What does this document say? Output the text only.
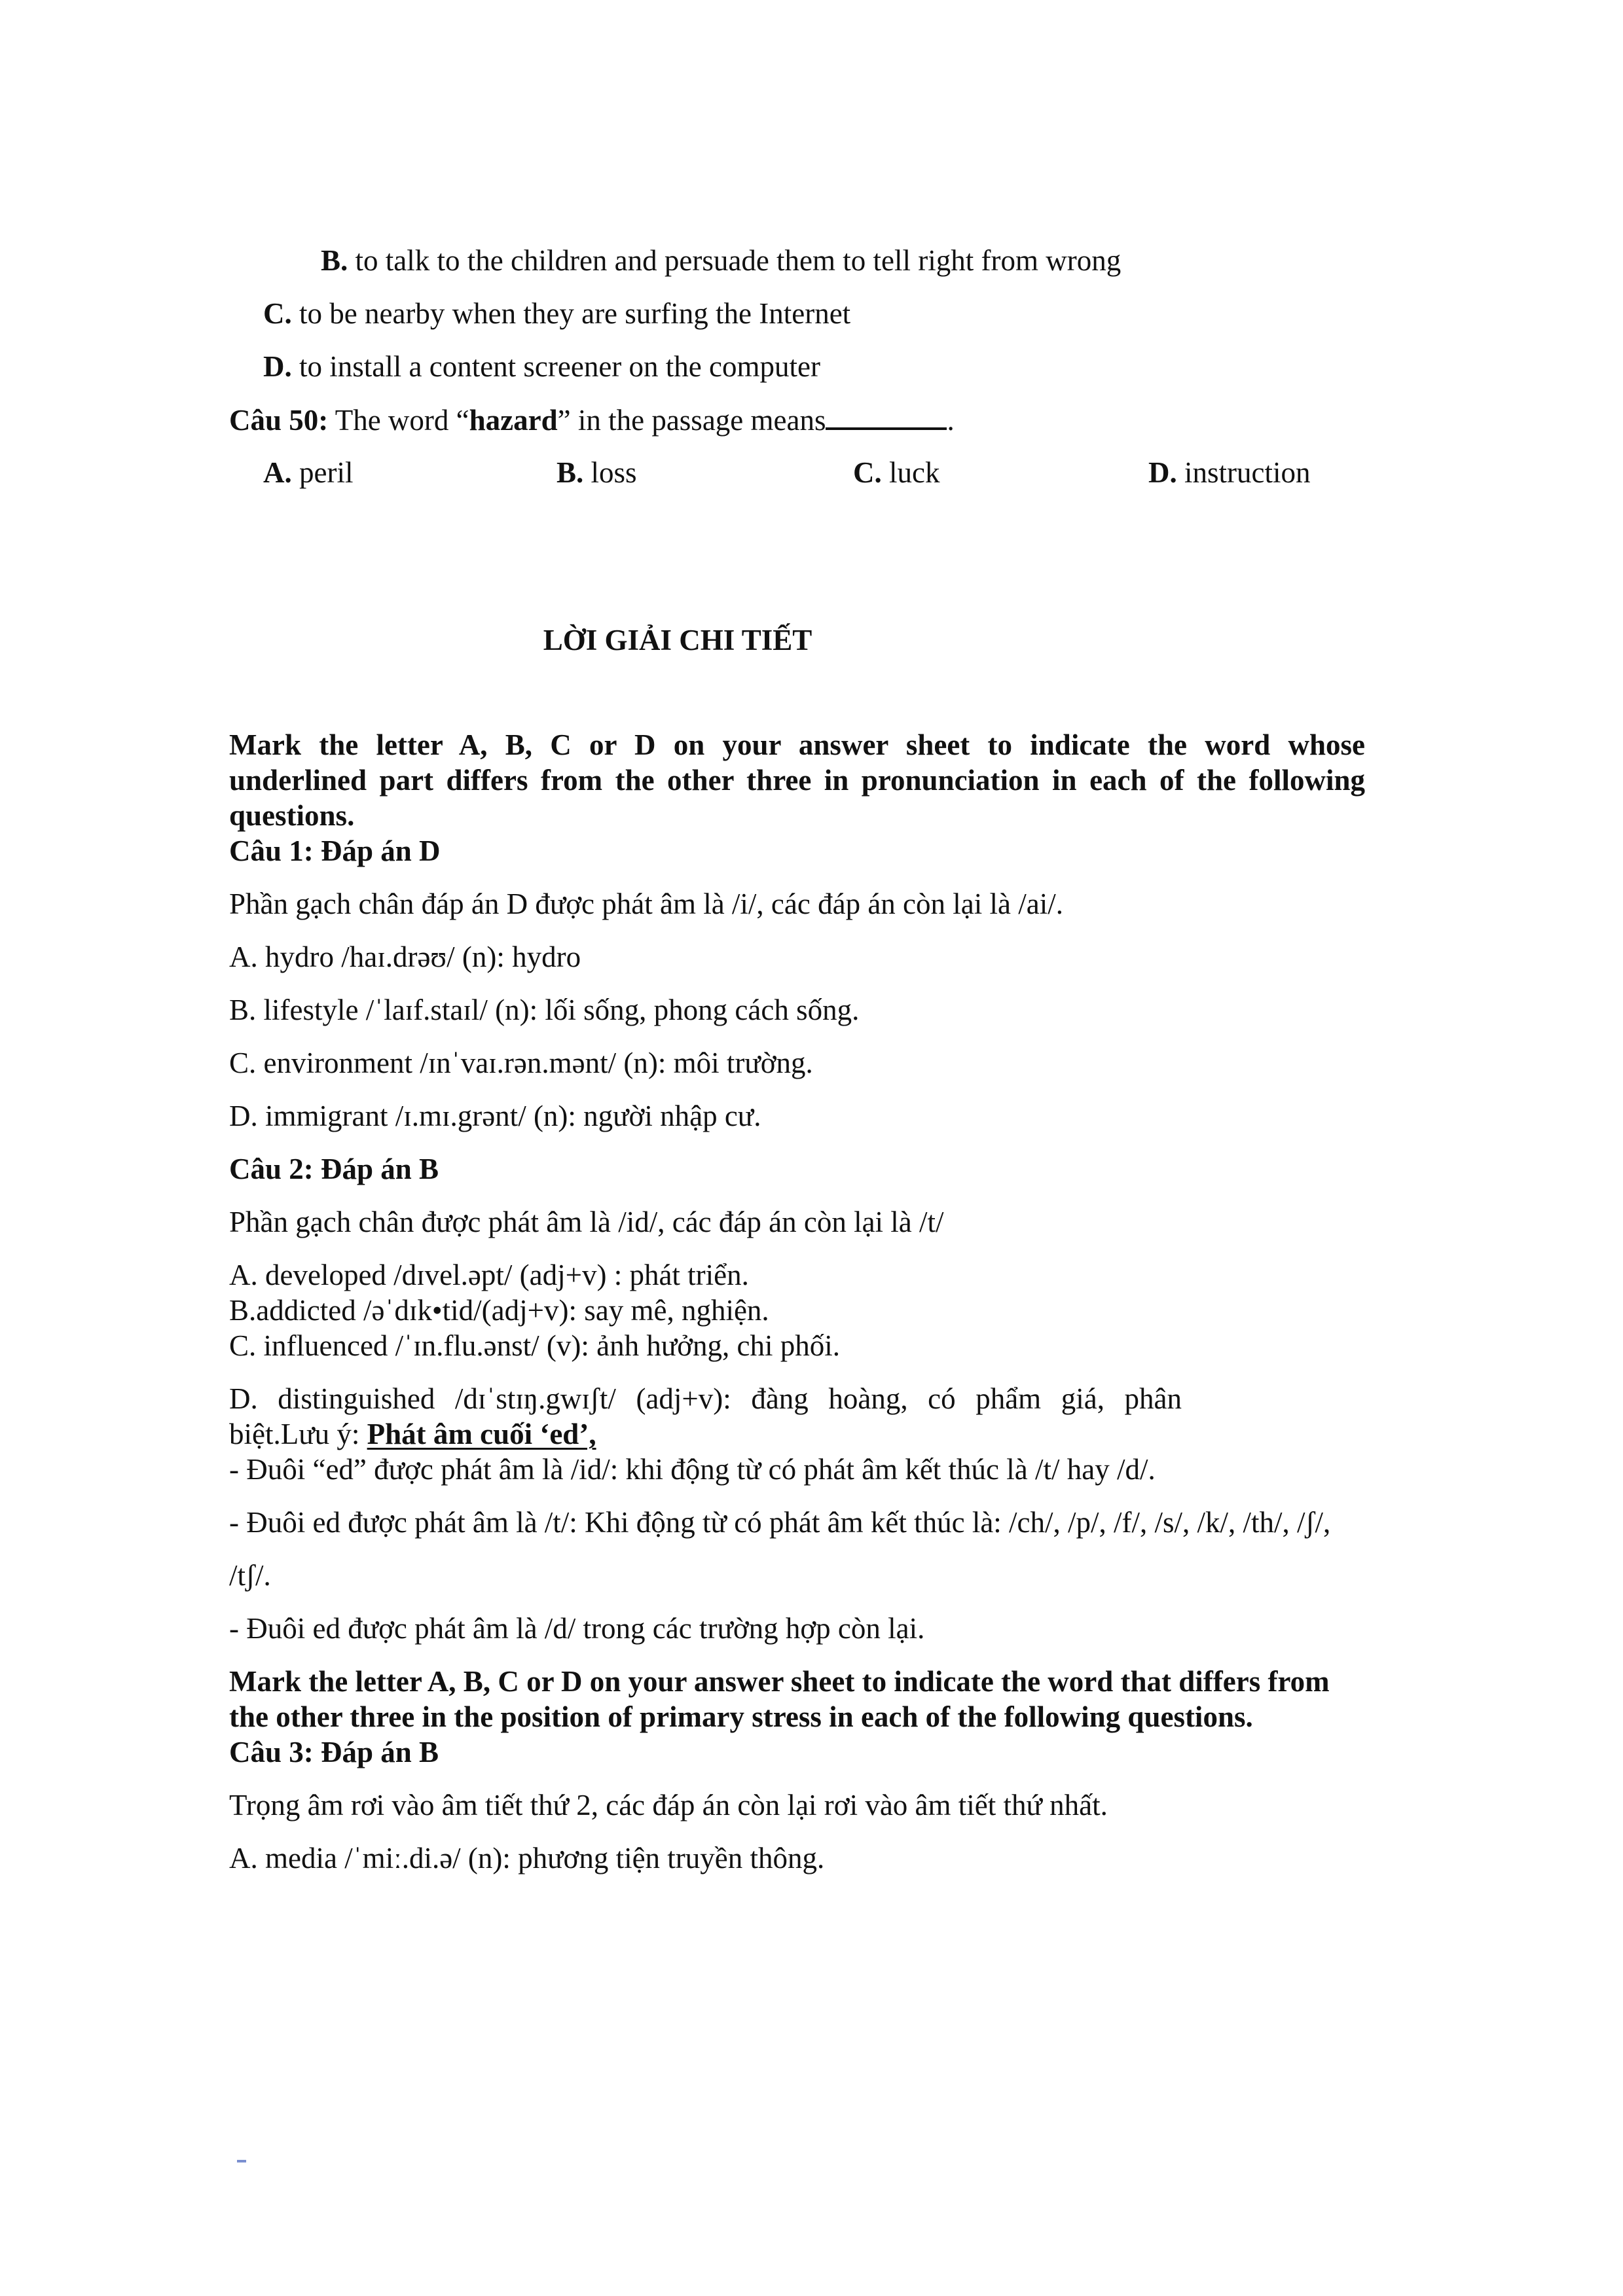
B. to talk to the children and persuade them to tell right from wrong
C. to be nearby when they are surfing the Internet
D. to install a content screener on the computer
Câu 50: The word “hazard” in the passage means	.
A. peril	B. loss	C. luck	D. instruction
LỜI GIẢI CHI TIẾT
Mark the letter A, B, C or D on your answer sheet to indicate the word whose
underlined part differs from the other three in pronunciation in each of the following
questions.
Câu 1: Đáp án D
Phần gạch chân đáp án D được phát âm là /i/, các đáp án còn lại là /ai/.
A. hydro /haɪ.drəʊ/ (n): hydro
B. lifestyle /ˈlaɪf.staɪl/ (n): lối sống, phong cách sống.
C. environment /ɪnˈvaɪ.rən.mənt/ (n): môi trường.
D. immigrant /ɪ.mɪ.grənt/ (n): người nhập cư.
Câu 2: Đáp án B
Phần gạch chân được phát âm là /id/, các đáp án còn lại là /t/
A. developed /dɪvel.əpt/ (adj+v) : phát triển.
B.addicted /əˈdɪk•tid/(adj+v): say mê, nghiện.
C. influenced /ˈɪn.flu.ənst/ (v): ảnh hưởng, chi phối.
D. distinguished /dɪˈstɪŋ.gwɪʃt/ (adj+v): đàng hoàng, có phẩm giá, phân
biệt.Lưu ý: Phát âm cuối ‘ed’,
- Đuôi “ed” được phát âm là /id/: khi động từ có phát âm kết thúc là /t/ hay /d/.
- Đuôi ed được phát âm là /t/: Khi động từ có phát âm kết thúc là: /ch/, /p/, /f/, /s/, /k/, /th/, /ʃ/,
/tʃ/.
- Đuôi ed được phát âm là /d/ trong các trường hợp còn lại.
Mark the letter A, B, C or D on your answer sheet to indicate the word that differs from
the other three in the position of primary stress in each of the following questions.
Câu 3: Đáp án B
Trọng âm rơi vào âm tiết thứ 2, các đáp án còn lại rơi vào âm tiết thứ nhất.
A. media /ˈmiː.di.ə/ (n): phương tiện truyền thông.
